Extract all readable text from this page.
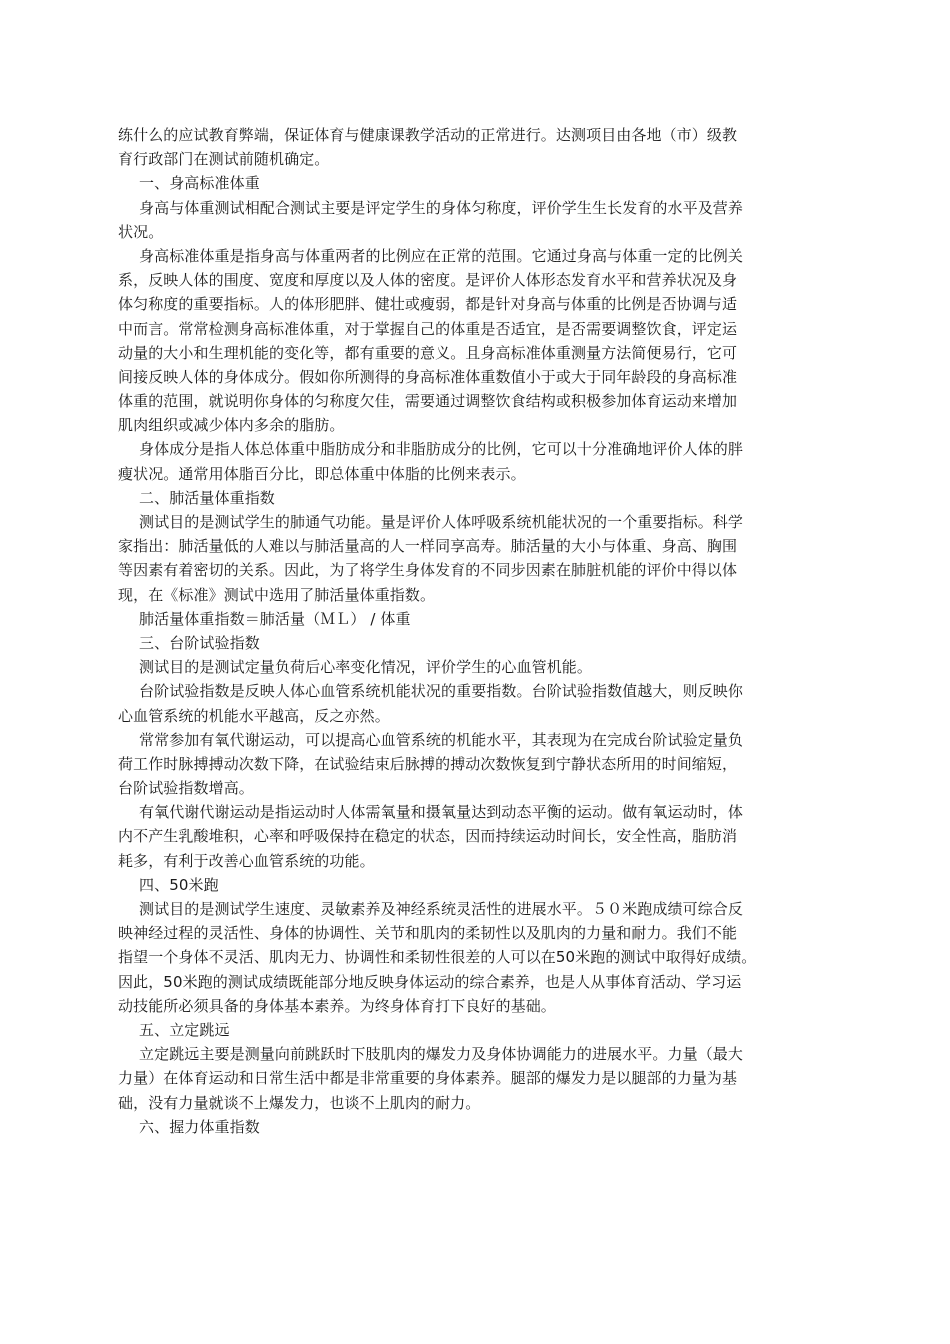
练什么的应试教育弊端，保证体育与健康课教学活动的正常进行。达测项目由各地（市）级教
育行政部门在测试前随机确定。
一、身高标准体重
身高与体重测试相配合测试主要是评定学生的身体匀称度，评价学生生长发育的水平及营养
状况。
身高标准体重是指身高与体重两者的比例应在正常的范围。它通过身高与体重一定的比例关
系，反映人体的围度、宽度和厚度以及人体的密度。是评价人体形态发育水平和营养状况及身
体匀称度的重要指标。人的体形肥胖、健壮或瘦弱，都是针对身高与体重的比例是否协调与适
中而言。常常检测身高标准体重，对于掌握自己的体重是否适宜，是否需要调整饮食，评定运
动量的大小和生理机能的变化等，都有重要的意义。且身高标准体重测量方法简便易行，它可
间接反映人体的身体成分。假如你所测得的身高标准体重数值小于或大于同年龄段的身高标准
体重的范围，就说明你身体的匀称度欠佳，需要通过调整饮食结构或积极参加体育运动来增加
肌肉组织或减少体内多余的脂肪。
身体成分是指人体总体重中脂肪成分和非脂肪成分的比例，它可以十分准确地评价人体的胖
瘦状况。通常用体脂百分比，即总体重中体脂的比例来表示。
二、肺活量体重指数
测试目的是测试学生的肺通气功能。量是评价人体呼吸系统机能状况的一个重要指标。科学
家指出：肺活量低的人难以与肺活量高的人一样同享高寿。肺活量的大小与体重、身高、胸围
等因素有着密切的关系。因此，为了将学生身体发育的不同步因素在肺脏机能的评价中得以体
现，在《标准》测试中选用了肺活量体重指数。
肺活量体重指数＝肺活量（ＭＬ） / 体重
三、台阶试验指数
测试目的是测试定量负荷后心率变化情况，评价学生的心血管机能。
台阶试验指数是反映人体心血管系统机能状况的重要指数。台阶试验指数值越大，则反映你
心血管系统的机能水平越高，反之亦然。
常常参加有氧代谢运动，可以提高心血管系统的机能水平，其表现为在完成台阶试验定量负
荷工作时脉搏搏动次数下降，在试验结束后脉搏的搏动次数恢复到宁静状态所用的时间缩短，
台阶试验指数增高。
有氧代谢代谢运动是指运动时人体需氧量和摄氧量达到动态平衡的运动。做有氧运动时，体
内不产生乳酸堆积，心率和呼吸保持在稳定的状态，因而持续运动时间长，安全性高，脂肪消
耗多，有利于改善心血管系统的功能。
四、50米跑
测试目的是测试学生速度、灵敏素养及神经系统灵活性的进展水平。５０米跑成绩可综合反
映神经过程的灵活性、身体的协调性、关节和肌肉的柔韧性以及肌肉的力量和耐力。我们不能
指望一个身体不灵活、肌肉无力、协调性和柔韧性很差的人可以在50米跑的测试中取得好成绩。
因此，50米跑的测试成绩既能部分地反映身体运动的综合素养，也是人从事体育活动、学习运
动技能所必须具备的身体基本素养。为终身体育打下良好的基础。
五、立定跳远
立定跳远主要是测量向前跳跃时下肢肌肉的爆发力及身体协调能力的进展水平。力量（最大
力量）在体育运动和日常生活中都是非常重要的身体素养。腿部的爆发力是以腿部的力量为基
础，没有力量就谈不上爆发力，也谈不上肌肉的耐力。
六、握力体重指数
